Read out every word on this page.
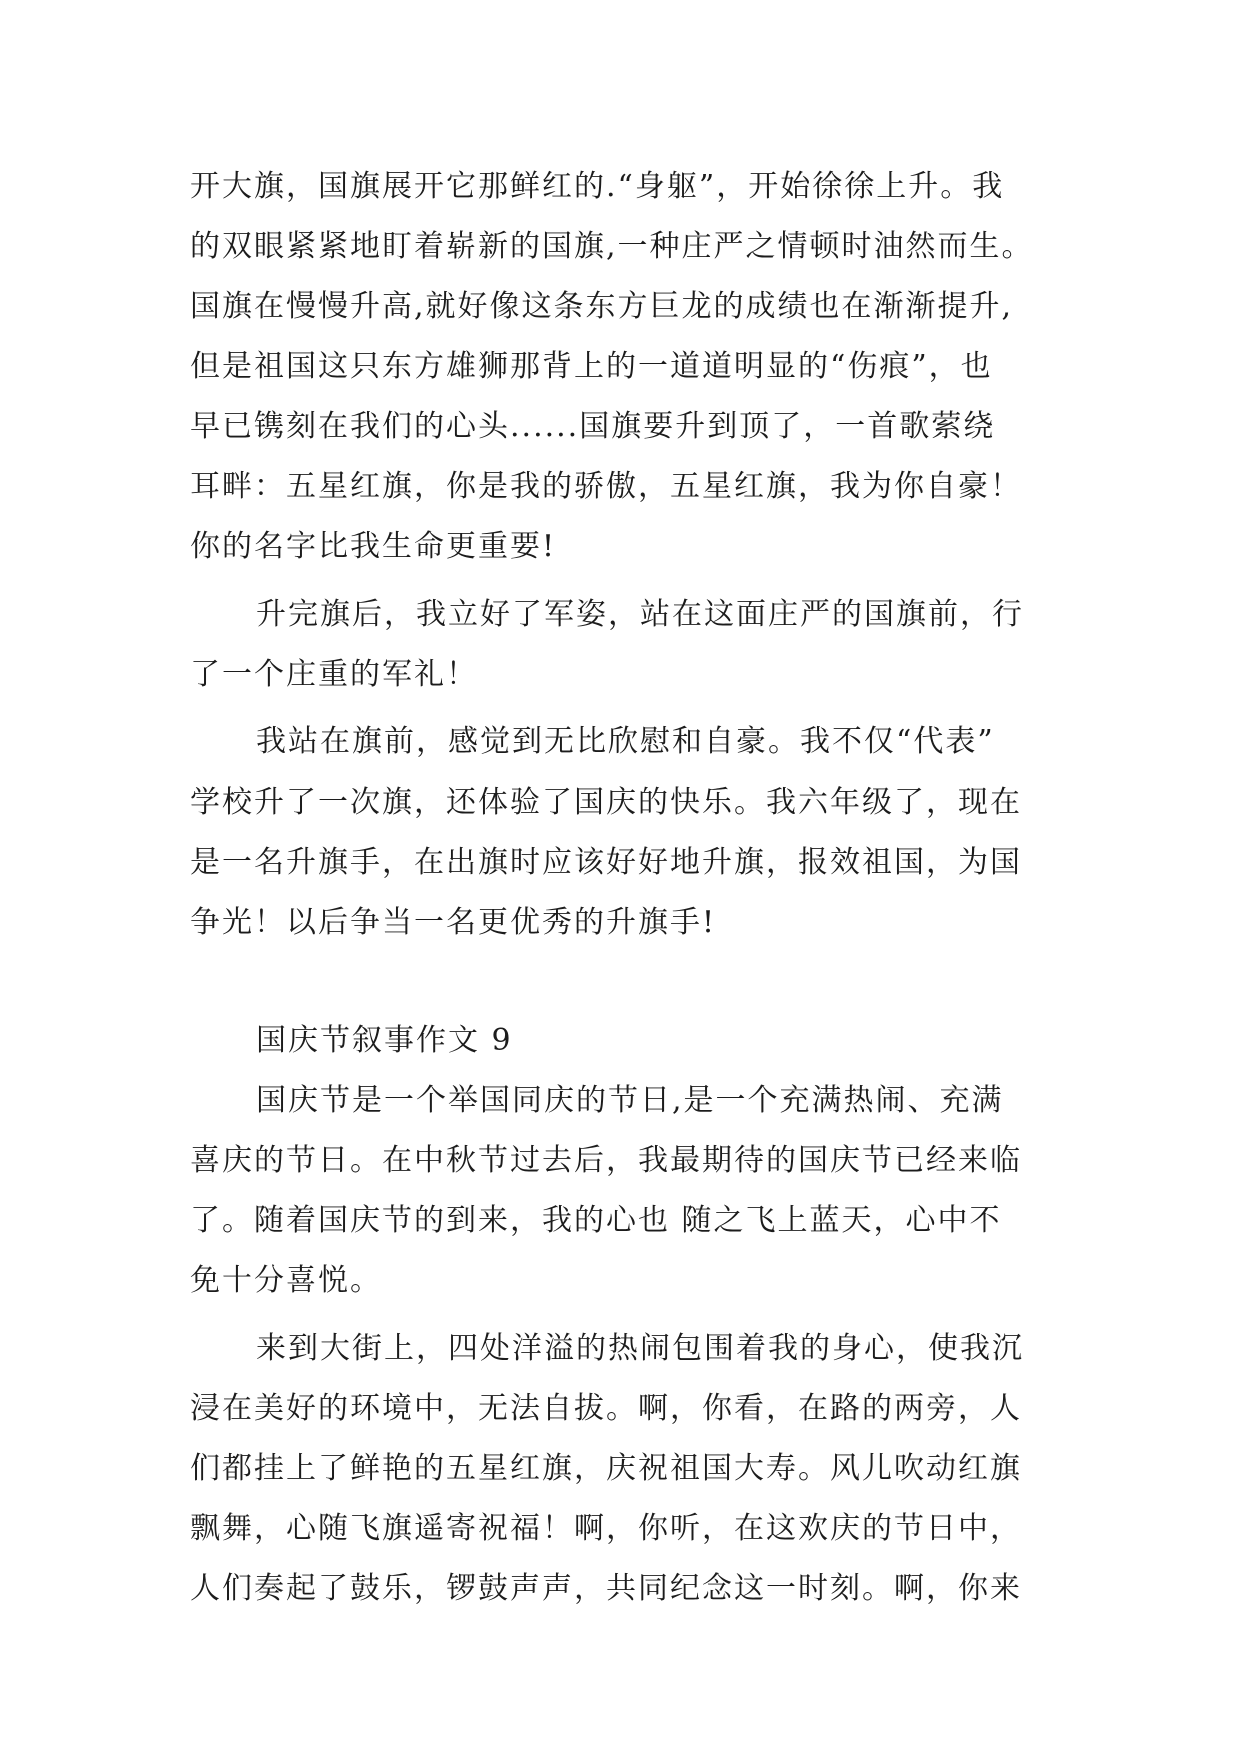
开大旗，国旗展开它那鲜红的.“身躯”，开始徐徐上升。我
的双眼紧紧地盯着崭新的国旗,一种庄严之情顿时油然而生。
国旗在慢慢升高,就好像这条东方巨龙的成绩也在渐渐提升,
但是祖国这只东方雄狮那背上的一道道明显的“伤痕”，也
早已镌刻在我们的心头......国旗要升到顶了，一首歌萦绕
耳畔：五星红旗，你是我的骄傲，五星红旗，我为你自豪！
你的名字比我生命更重要!
升完旗后，我立好了军姿，站在这面庄严的国旗前，行
了一个庄重的军礼！
我站在旗前，感觉到无比欣慰和自豪。我不仅“代表”
学校升了一次旗，还体验了国庆的快乐。我六年级了，现在
是一名升旗手，在出旗时应该好好地升旗，报效祖国，为国
争光！以后争当一名更优秀的升旗手!
国庆节叙事作文 9
国庆节是一个举国同庆的节日,是一个充满热闹、充满
喜庆的节日。在中秋节过去后，我最期待的国庆节已经来临
了。随着国庆节的到来，我的心也 随之飞上蓝天，心中不
免十分喜悦。
来到大街上，四处洋溢的热闹包围着我的身心，使我沉
浸在美好的环境中，无法自拔。啊，你看，在路的两旁，人
们都挂上了鲜艳的五星红旗，庆祝祖国大寿。风儿吹动红旗
飘舞，心随飞旗遥寄祝福！啊，你听，在这欢庆的节日中，
人们奏起了鼓乐，锣鼓声声，共同纪念这一时刻。啊，你来
